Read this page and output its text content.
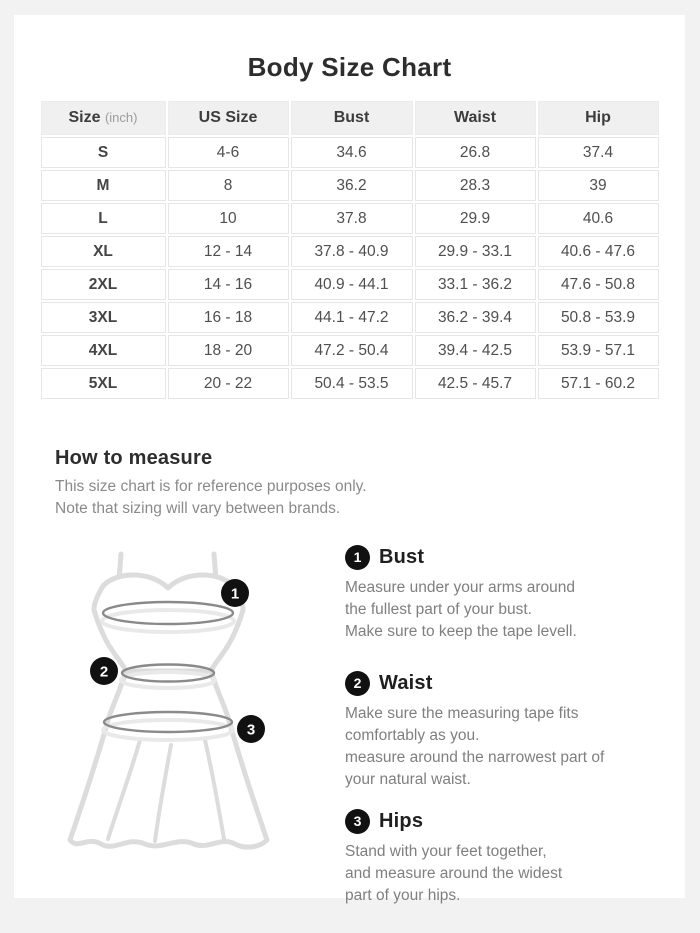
Body Size Chart
Size (inch)	US Size	Bust	Waist	Hip
S	4-6	34.6	26.8	37.4
M	8	36.2	28.3	39
L	10	37.8	29.9	40.6
XL	12 - 14	37.8 - 40.9	29.9 - 33.1	40.6 - 47.6
2XL	14 - 16	40.9 - 44.1	33.1 - 36.2	47.6 - 50.8
3XL	16 - 18	44.1 - 47.2	36.2 - 39.4	50.8 - 53.9
4XL	18 - 20	47.2 - 50.4	39.4 - 42.5	53.9 - 57.1
5XL	20 - 22	50.4 - 53.5	42.5 - 45.7	57.1 - 60.2
How to measure
This size chart is for reference purposes only.
Note that sizing will vary between brands.
1
2
3
1 Bust
Measure under your arms around
the fullest part of your bust.
Make sure to keep the tape levell.
2 Waist
Make sure the measuring tape fits
comfortably as you.
measure around the narrowest part of
your natural waist.
3 Hips
Stand with your feet together,
and measure around the widest
part of your hips.
